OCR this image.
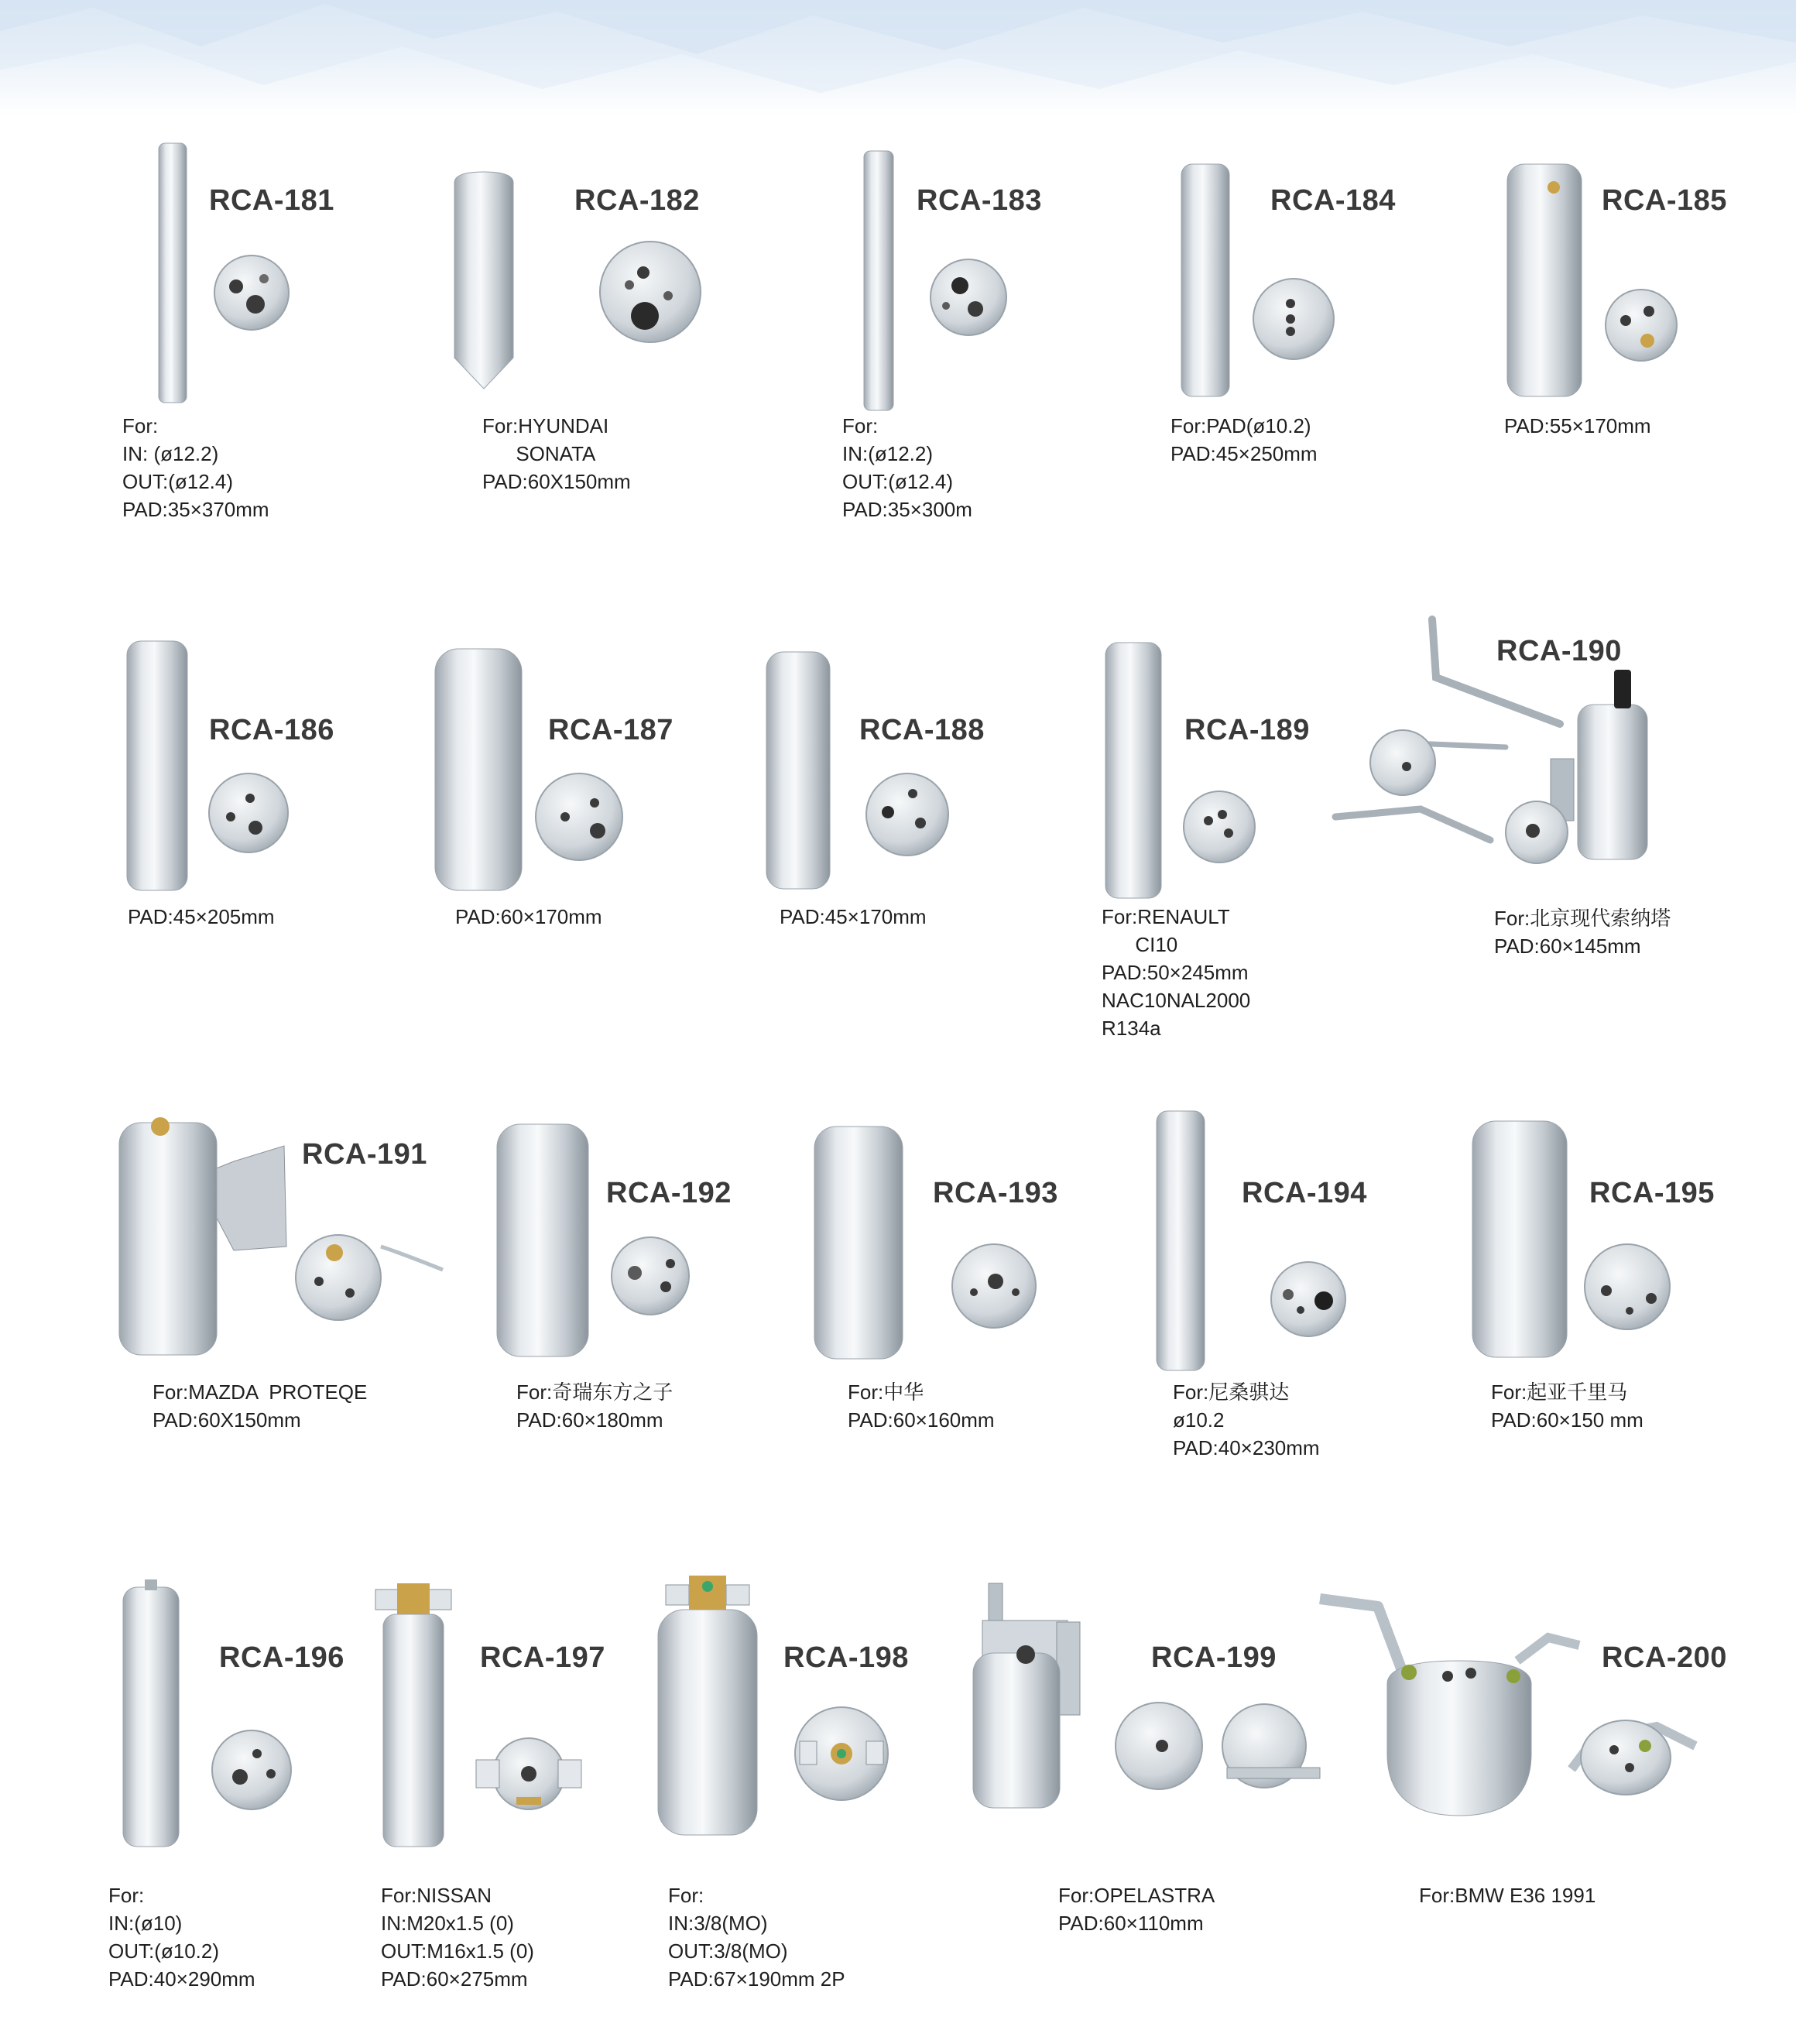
RCA-181
For:
IN: (ø12.2)
OUT:(ø12.4)
PAD:35×370mm
RCA-182
For:HYUNDAI
SONATA
PAD:60X150mm
RCA-183
For:
IN:(ø12.2)
OUT:(ø12.4)
PAD:35×300m
RCA-184
For:PAD(ø10.2)
PAD:45×250mm
RCA-185
PAD:55×170mm
RCA-186
PAD:45×205mm
RCA-187
PAD:60×170mm
RCA-188
PAD:45×170mm
RCA-189
For:RENAULT
CI10
PAD:50×245mm
NAC10NAL2000
R134a
RCA-190
For:北京现代索纳塔
PAD:60×145mm
RCA-191
For:MAZDA  PROTEQE
PAD:60X150mm
RCA-192
For:奇瑞东方之子
PAD:60×180mm
RCA-193
For:中华
PAD:60×160mm
RCA-194
For:尼桑骐达
ø10.2
PAD:40×230mm
RCA-195
For:起亚千里马
PAD:60×150 mm
RCA-196
For:
IN:(ø10)
OUT:(ø10.2)
PAD:40×290mm
RCA-197
For:NISSAN
IN:M20x1.5 (0)
OUT:M16x1.5 (0)
PAD:60×275mm
RCA-198
For:
IN:3/8(MO)
OUT:3/8(MO)
PAD:67×190mm 2P
RCA-199
For:OPELASTRA
PAD:60×110mm
RCA-200
For:BMW E36 1991
